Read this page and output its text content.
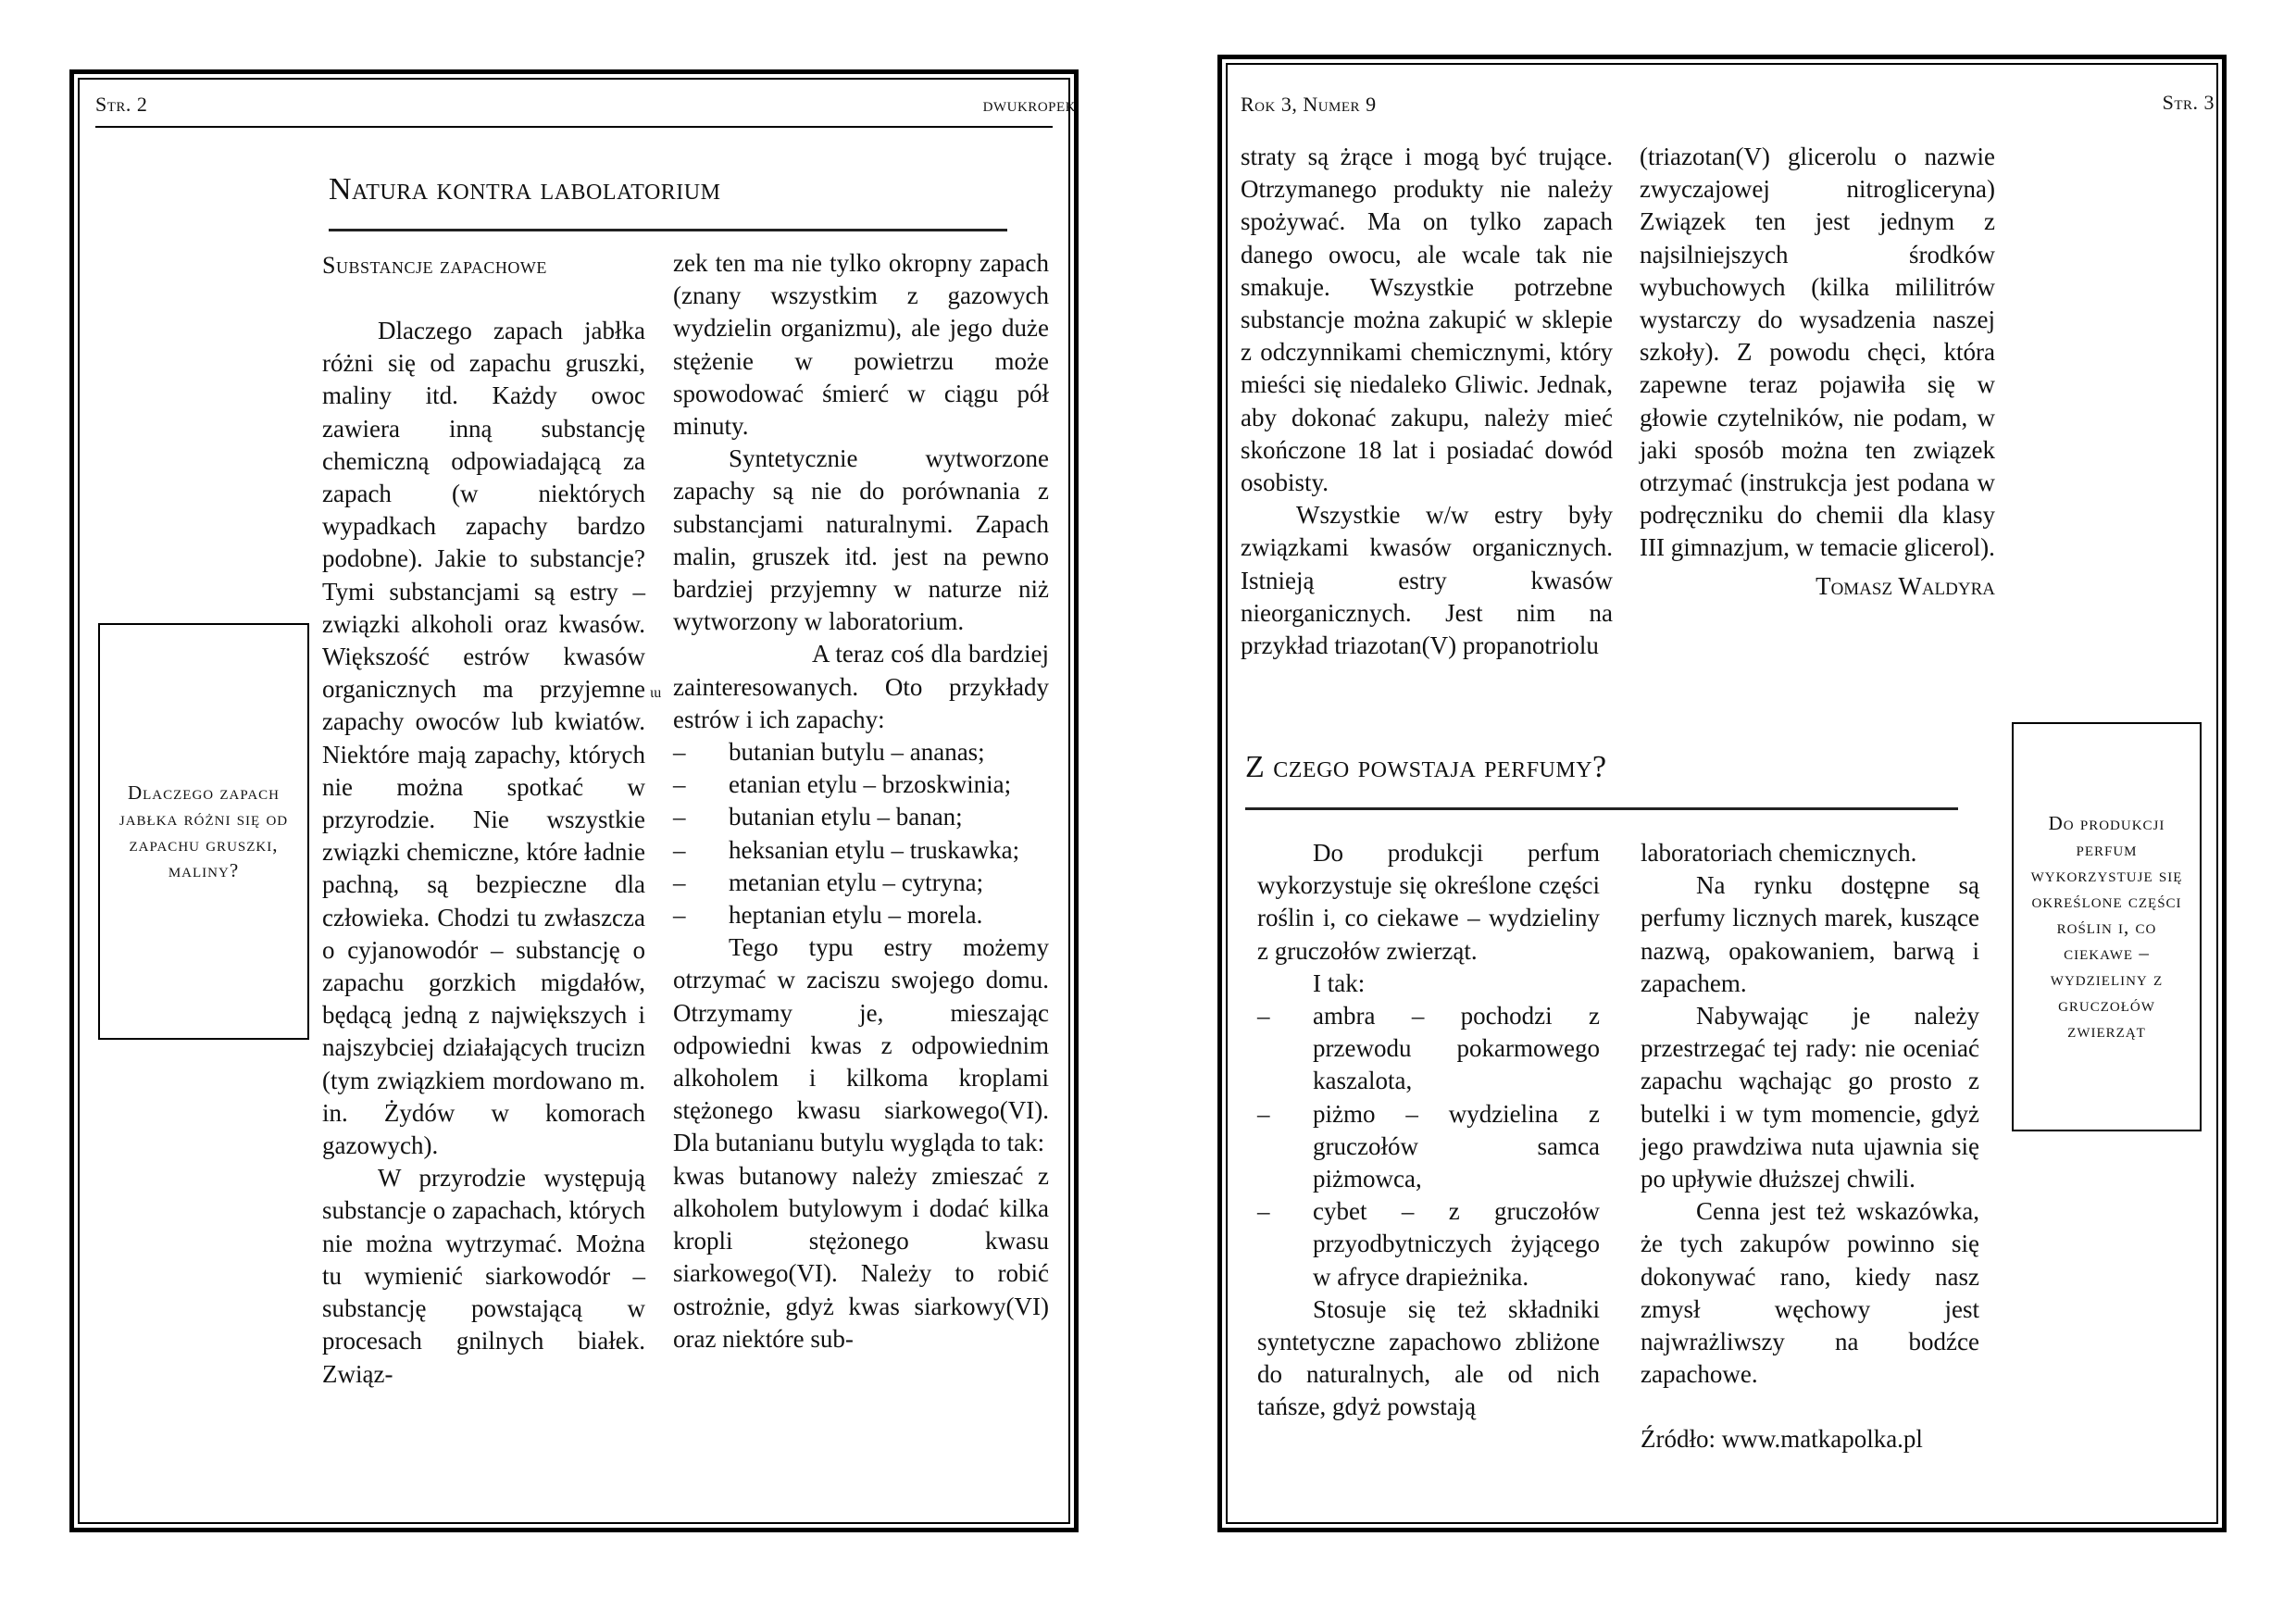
Str. 2	dwukropek
Natura kontra labolatorium
Substancje zapachowe
Dlaczego zapach jabłka różni się od zapachu gruszki, maliny?
ιu

Dlaczego zapach jabłka różni się od zapachu gruszki, maliny itd. Każdy owoc zawiera inną substancję chemiczną odpowiadającą za zapach (w niektórych wypadkach zapachy bardzo podobne). Jakie to substancje? Tymi substancjami są estry – związki alkoholi oraz kwasów. Większość estrów kwasów organicznych ma przyjemne zapachy owoców lub kwiatów. Niektóre mają zapachy, których nie można spotkać w przyrodzie. Nie wszystkie związki chemiczne, które ładnie pachną, są bezpieczne dla człowieka. Chodzi tu zwłaszcza o cyjanowodór – substancję o zapachu gorzkich migdałów, będącą jedną z największych i najszybciej działających trucizn (tym związkiem mordowano m. in. Żydów w komorach gazowych).

W przyrodzie występują substancje o zapachach, których nie można wytrzymać. Można tu wymienić siarkowodór – substancję powstającą w procesach gnilnych białek. Związ-

zek ten ma nie tylko okropny zapach (znany wszystkim z gazowych wydzielin organizmu), ale jego duże stężenie w powietrzu może spowodować śmierć w ciągu pół minuty.

Syntetycznie wytworzone zapachy są nie do porównania z substancjami naturalnymi. Zapach malin, gruszek itd. jest na pewno bardziej przyjemny w naturze niż wytworzony w laboratorium.

A teraz coś dla bardziej zainteresowanych. Oto przykłady estrów i ich zapachy:

– butanian butylu – ananas;
– etanian etylu – brzoskwinia;
– butanian etylu – banan;
– heksanian etylu – truskawka;
– metanian etylu – cytryna;
– heptanian etylu – morela.

Tego typu estry możemy otrzymać w zaciszu swojego domu. Otrzymamy je, mieszając odpowiedni kwas z odpowiednim alkoholem i kilkoma kroplami stężonego kwasu siarkowego(VI). Dla butanianu butylu wygląda to tak:

kwas butanowy należy zmieszać z alkoholem butylowym i dodać kilka kropli stężonego kwasu siarkowego(VI). Należy to robić ostrożnie, gdyż kwas siarkowy(VI) oraz niektóre sub-

Rok 3, Numer 9	Str. 3

straty są żrące i mogą być trujące. Otrzymanego produkty nie należy spożywać. Ma on tylko zapach danego owocu, ale wcale tak nie smakuje. Wszystkie potrzebne substancje można zakupić w sklepie z odczynnikami chemicznymi, który mieści się niedaleko Gliwic. Jednak, aby dokonać zakupu, należy mieć skończone 18 lat i posiadać dowód osobisty.

Wszystkie w/w estry były związkami kwasów organicznych. Istnieją estry kwasów nieorganicznych. Jest nim na przykład triazotan(V) propanotriolu

(triazotan(V) glicerolu o nazwie zwyczajowej nitrogliceryna) Związek ten jest jednym z najsilniejszych środków wybuchowych (kilka mililitrów wystarczy do wysadzenia naszej szkoły). Z powodu chęci, która zapewne teraz pojawiła się w głowie czytelników, nie podam, w jaki sposób można ten związek otrzymać (instrukcja jest podana w podręczniku do chemii dla klasy III gimnazjum, w temacie glicerol).

Tomasz Waldyra

Z czego powstaja perfumy?
Do produkcji perfum wykorzystuje się określone części roślin i, co ciekawe – wydzieliny z gruczołów zwierząt

Do produkcji perfum wykorzystuje się określone części roślin i, co ciekawe – wydzieliny z gruczołów zwierząt.

I tak:

– ambra – pochodzi z przewodu pokarmowego kaszalota,
– piżmo – wydzielina z gruczołów samca piżmowca,
– cybet – z gruczołów przyodbytniczych żyjącego w afryce drapieżnika.

Stosuje się też składniki syntetyczne zapachowo zbliżone do naturalnych, ale od nich tańsze, gdyż powstają

laboratoriach chemicznych.

Na rynku dostępne są perfumy licznych marek, kuszące nazwą, opakowaniem, barwą i zapachem.

Nabywając je należy przestrzegać tej rady: nie oceniać zapachu wąchając go prosto z butelki i w tym momencie, gdyż jego prawdziwa nuta ujawnia się po upływie dłuższej chwili.

Cenna jest też wskazówka, że tych zakupów powinno się dokonywać rano, kiedy nasz zmysł węchowy jest najwrażliwszy na bodźce zapachowe.

Źródło: www.matkapolka.pl
